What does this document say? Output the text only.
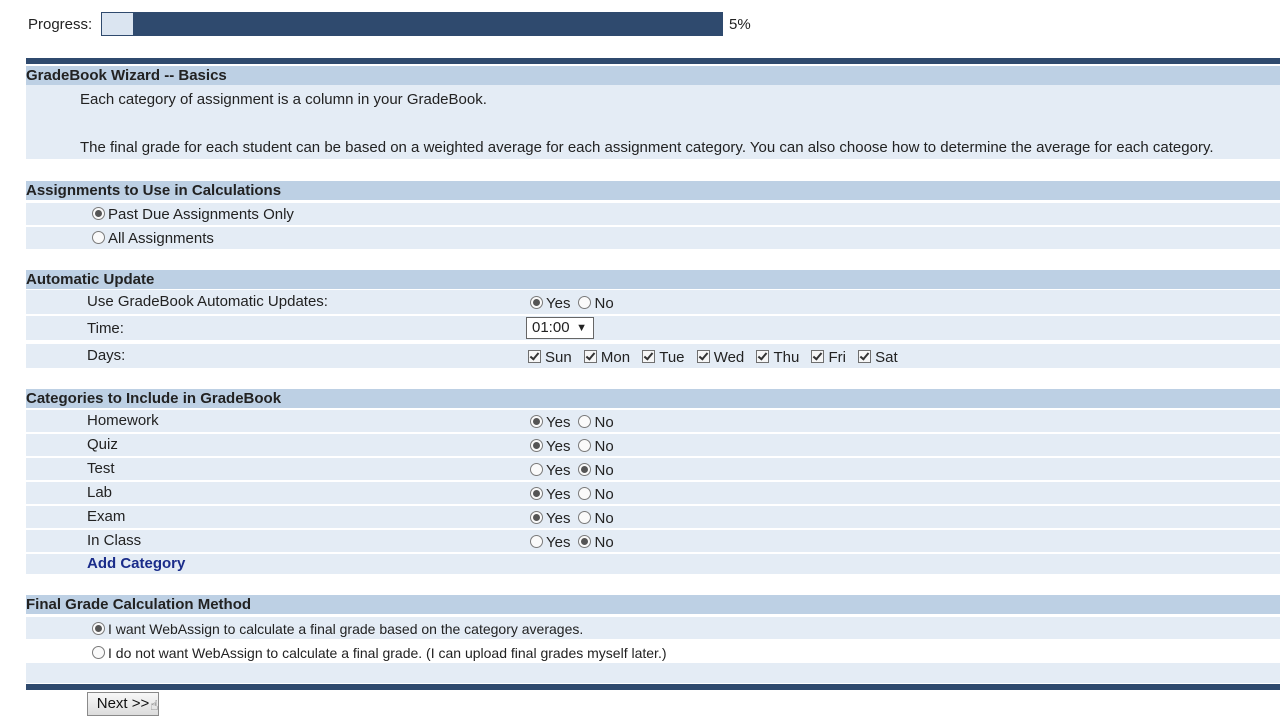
Progress:	5%
GradeBook Wizard -- Basics
Each category of assignment is a column in your GradeBook.
The final grade for each student can be based on a weighted average for each assignment category. You can also choose how to determine the average for each category.
Assignments to Use in Calculations
Past Due Assignments Only
All Assignments
Automatic Update
Use GradeBook Automatic Updates:	Yes No
Time:	01:00 ▼
Days:	Sun Mon Tue Wed Thu Fri Sat
Categories to Include in GradeBook
Homework	Yes No
Quiz	Yes No
Test	Yes No
Lab	Yes No
Exam	Yes No
In Class	Yes No
Add Category
Final Grade Calculation Method
I want WebAssign to calculate a final grade based on the category averages.
I do not want WebAssign to calculate a final grade. (I can upload final grades myself later.)
Next >> ☝
